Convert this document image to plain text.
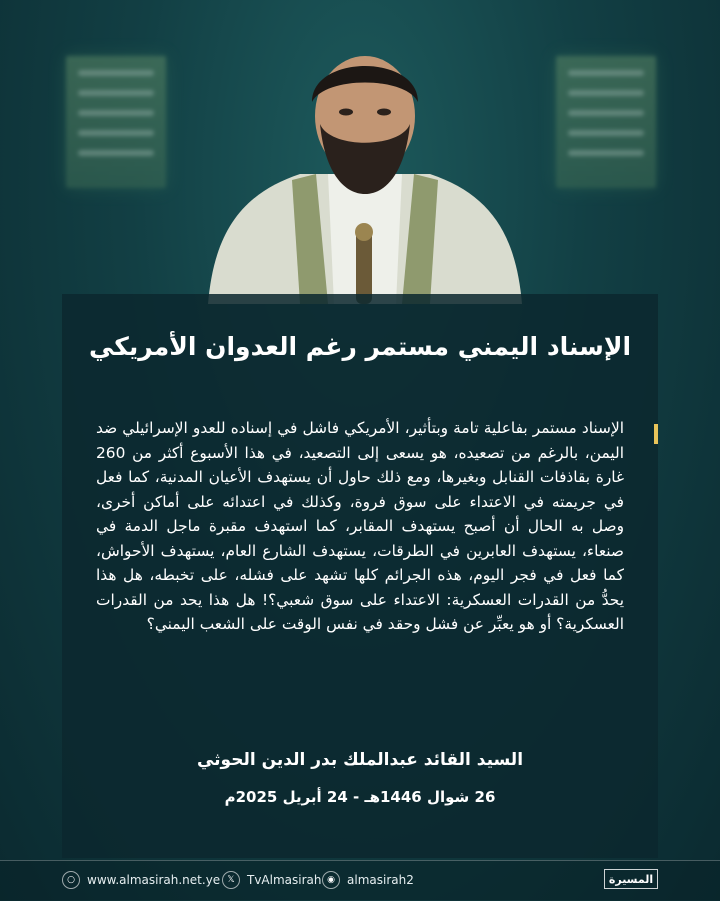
الإسناد اليمني مستمر رغم العدوان الأمريكي

الإسناد مستمر بفاعلية تامة وبتأثير، الأمريكي فاشل في إسناده للعدو الإسرائيلي ضد اليمن، بالرغم من تصعيده، هو يسعى إلى التصعيد، في هذا الأسبوع أكثر من 260 غارة بقاذفات القنابل وبغيرها، ومع ذلك حاول أن يستهدف الأعيان المدنية، كما فعل في جريمته في الاعتداء على سوق فروة، وكذلك في اعتدائه على أماكن أخرى، وصل به الحال أن أصبح يستهدف المقابر، كما استهدف مقبرة ماجل الدمة في صنعاء، يستهدف العابرين في الطرقات، يستهدف الشارع العام، يستهدف الأحواش، كما فعل في فجر اليوم، هذه الجرائم كلها تشهد على فشله، على تخبطه، هل هذا يحدُّ من القدرات العسكرية: الاعتداء على سوق شعبي؟! هل هذا يحد من القدرات العسكرية؟ أو هو يعبِّر عن فشل وحقد في نفس الوقت على الشعب اليمني؟

السيد القائد عبدالملك بدر الدين الحوثي
26 شوال 1446هـ - 24 أبريل 2025م
○	www.almasirah.net.ye 𝕏	TvAlmasirah ◉	almasirah2	المسيرة
